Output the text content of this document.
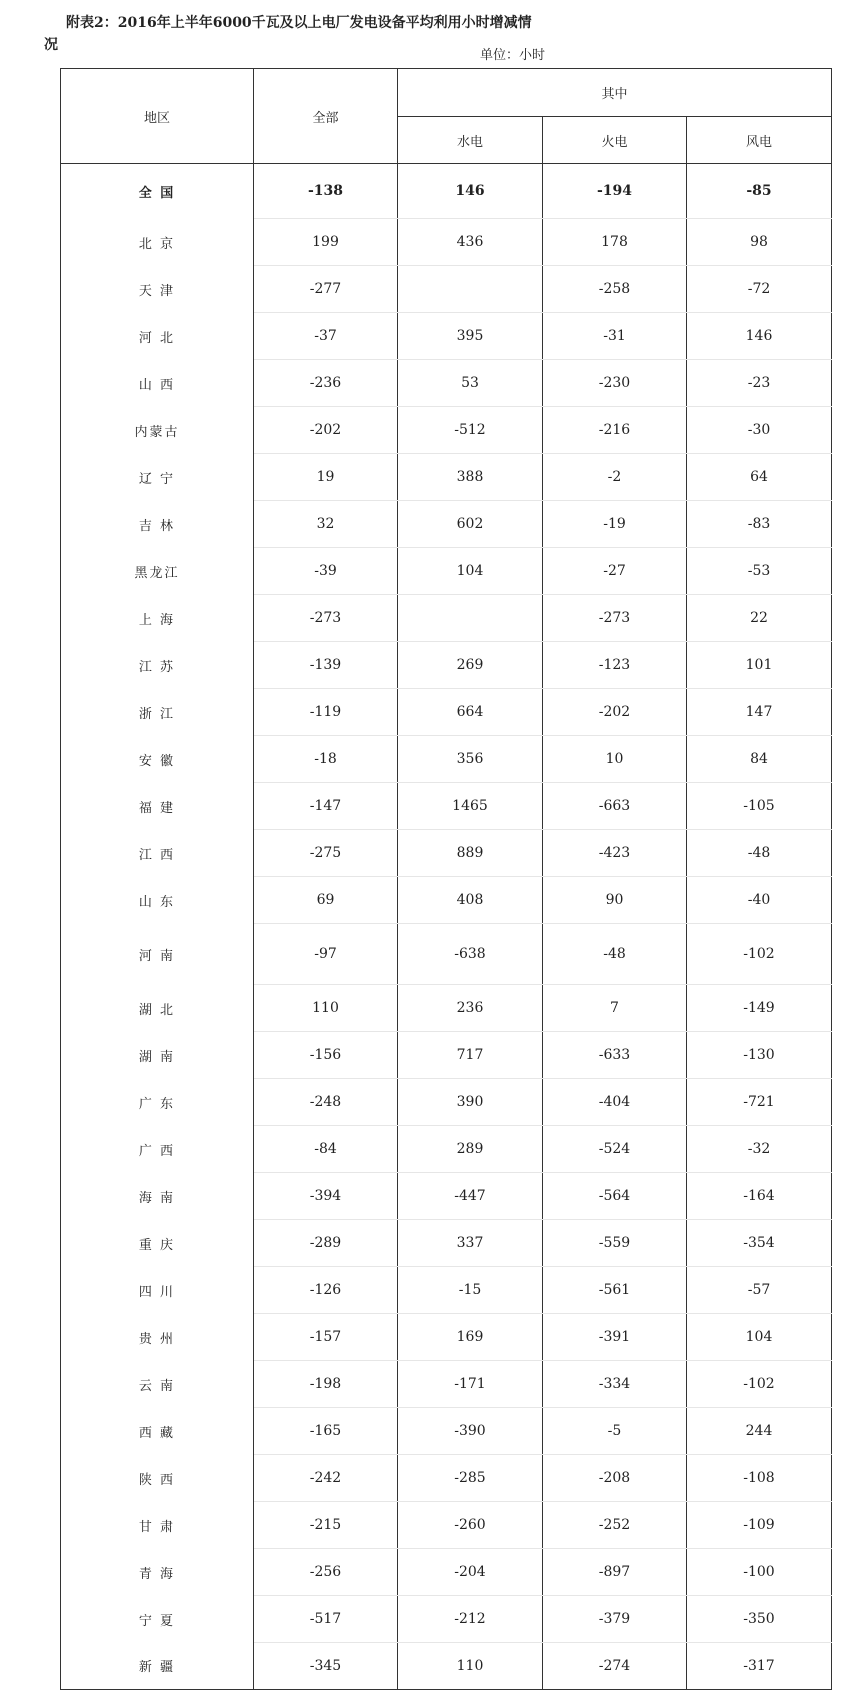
附表2：2016年上半年6000千瓦及以上电厂发电设备平均利用小时增减情
况
单位：小时
地区	全部	其中		
		水电	火电	风电
全 国	-138	146	-194	-85
北 京	199	436	178	98
天 津	-277		-258	-72
河 北	-37	395	-31	146
山 西	-236	53	-230	-23
内蒙古	-202	-512	-216	-30
辽 宁	19	388	-2	64
吉 林	32	602	-19	-83
黑龙江	-39	104	-27	-53
上 海	-273		-273	22
江 苏	-139	269	-123	101
浙 江	-119	664	-202	147
安 徽	-18	356	10	84
福 建	-147	1465	-663	-105
江 西	-275	889	-423	-48
山 东	69	408	90	-40
河 南	-97	-638	-48	-102
湖 北	110	236	7	-149
湖 南	-156	717	-633	-130
广 东	-248	390	-404	-721
广 西	-84	289	-524	-32
海 南	-394	-447	-564	-164
重 庆	-289	337	-559	-354
四 川	-126	-15	-561	-57
贵 州	-157	169	-391	104
云 南	-198	-171	-334	-102
西 藏	-165	-390	-5	244
陕 西	-242	-285	-208	-108
甘 肃	-215	-260	-252	-109
青 海	-256	-204	-897	-100
宁 夏	-517	-212	-379	-350
新 疆	-345	110	-274	-317
